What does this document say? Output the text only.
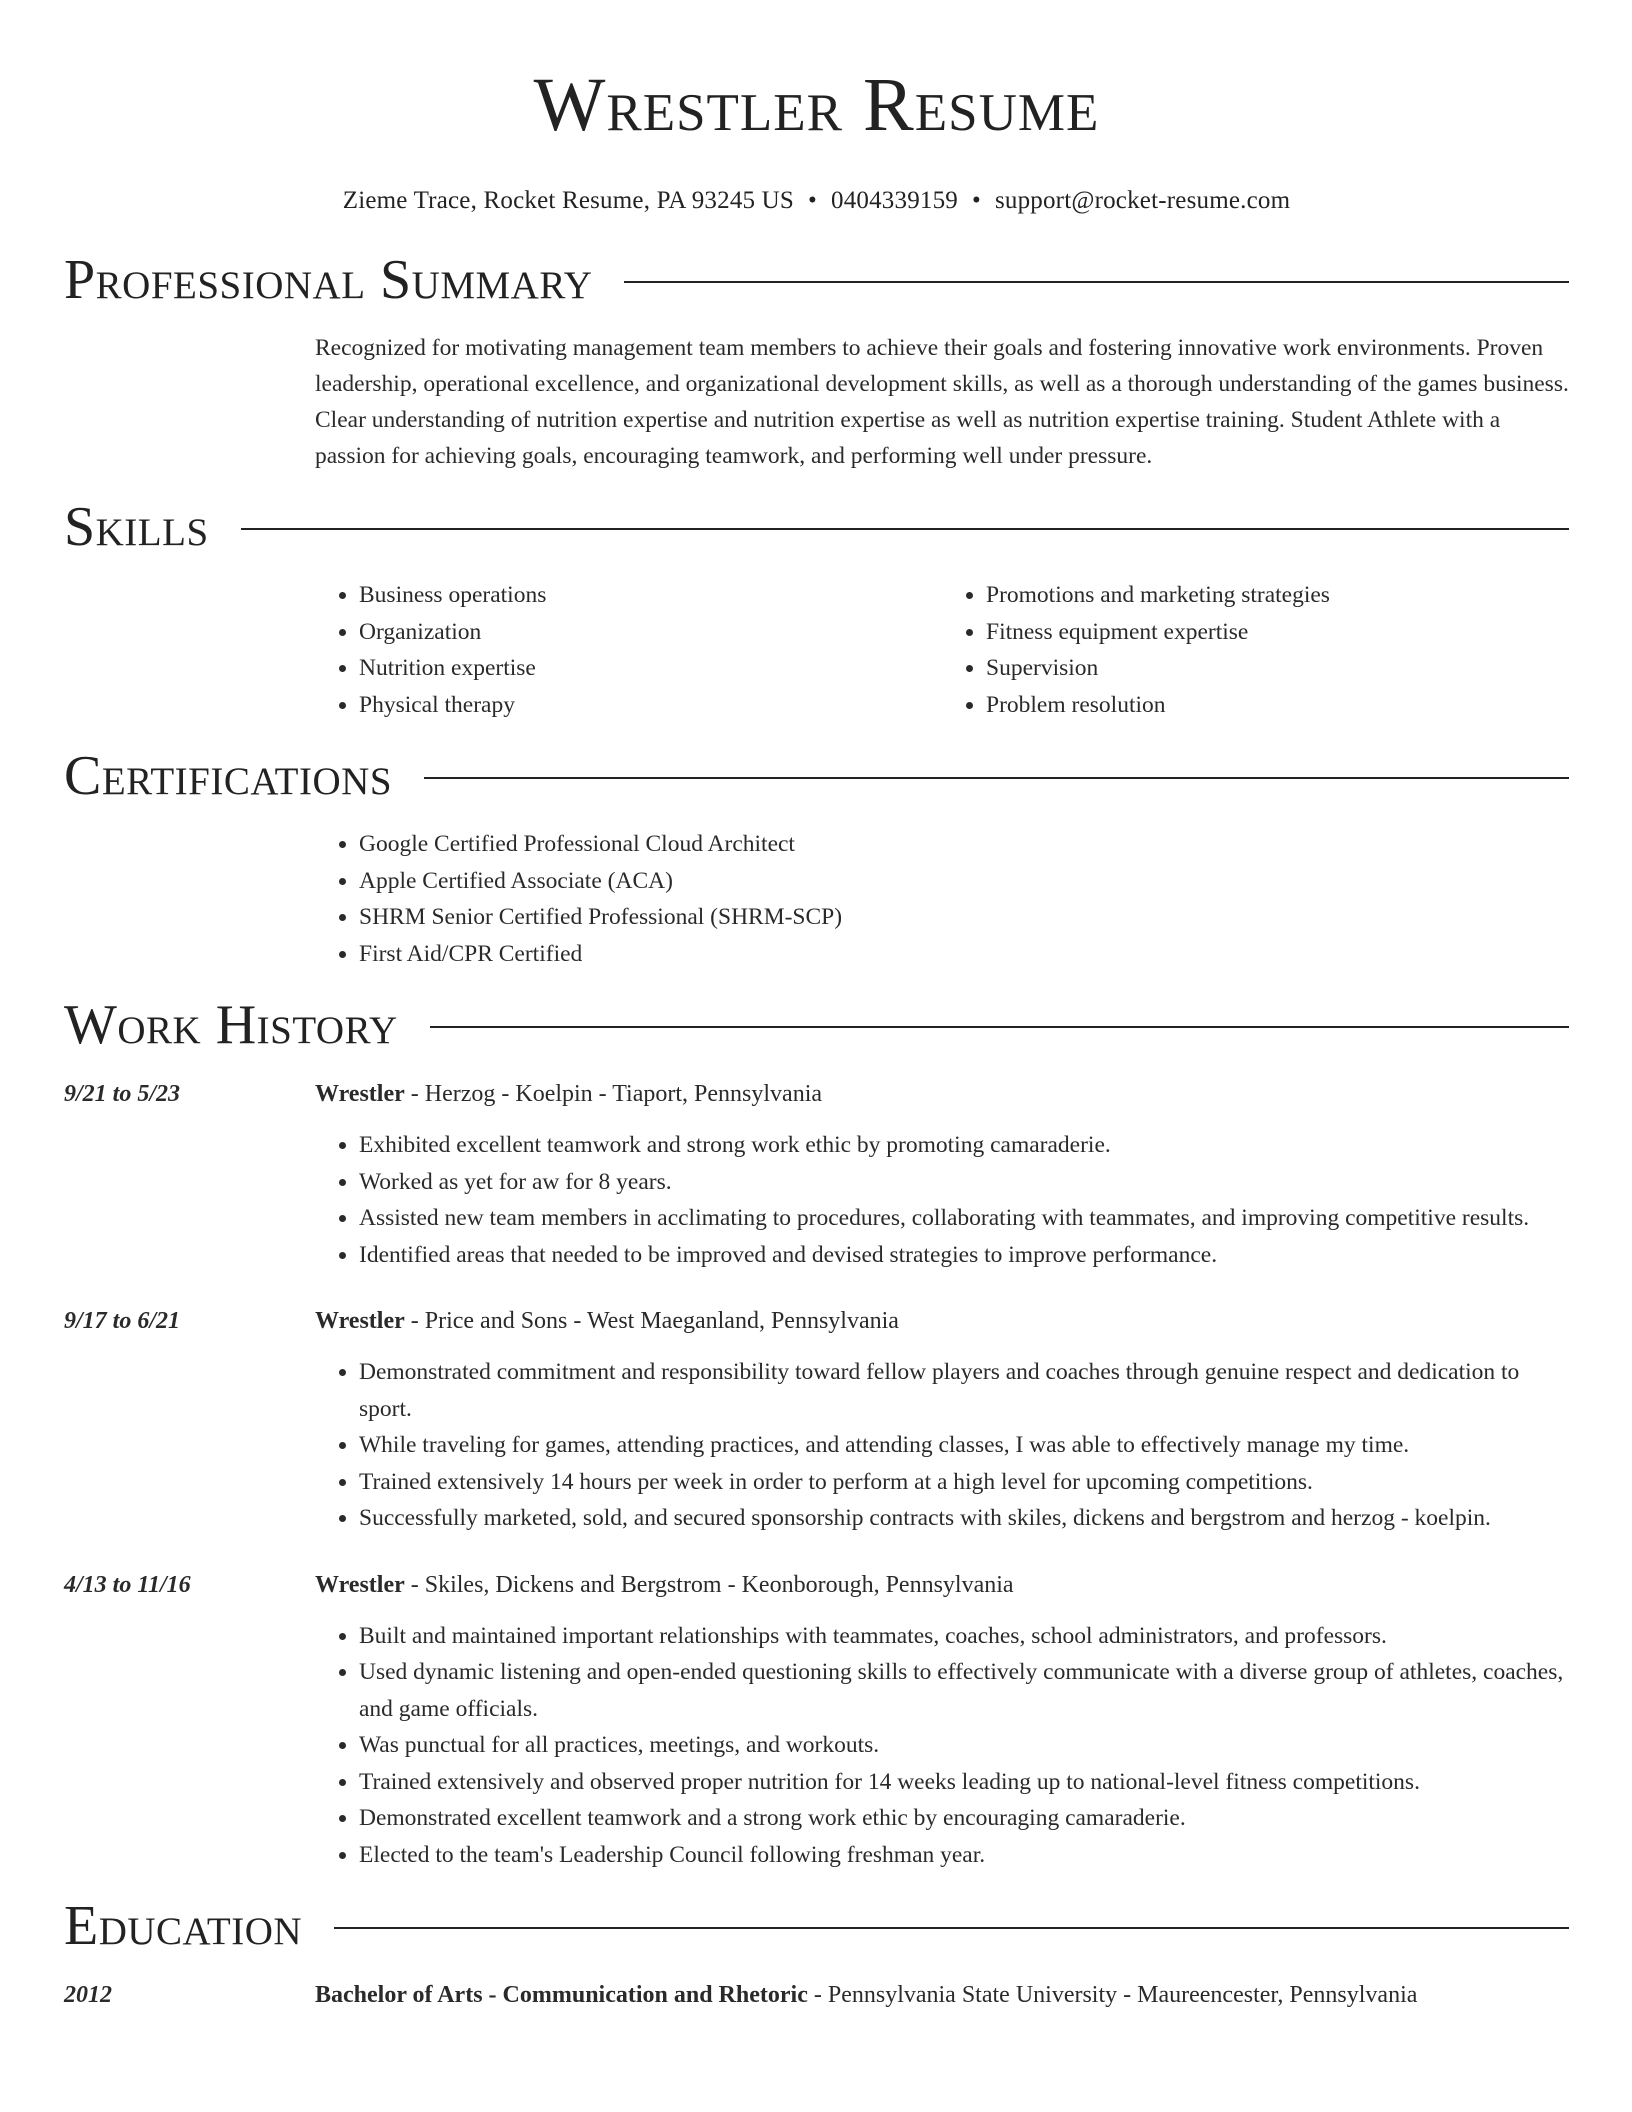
Wrestler Resume
Zieme Trace, Rocket Resume, PA 93245 US • 0404339159 • support@rocket-resume.com
Professional Summary

Recognized for motivating management team members to achieve their goals and fostering innovative work environments. Proven leadership, operational excellence, and organizational development skills, as well as a thorough understanding of the games business. Clear understanding of nutrition expertise and nutrition expertise as well as nutrition expertise training. Student Athlete with a passion for achieving goals, encouraging teamwork, and performing well under pressure.

Skills
• Business operations
• Organization
• Nutrition expertise
• Physical therapy
• Promotions and marketing strategies
• Fitness equipment expertise
• Supervision
• Problem resolution
Certifications
• Google Certified Professional Cloud Architect
• Apple Certified Associate (ACA)
• SHRM Senior Certified Professional (SHRM-SCP)
• First Aid/CPR Certified
Work History
9/21 to 5/23	Wrestler - Herzog - Koelpin - Tiaport, Pennsylvania
• Exhibited excellent teamwork and strong work ethic by promoting camaraderie.
• Worked as yet for aw for 8 years.
• Assisted new team members in acclimating to procedures, collaborating with teammates, and improving competitive results.
• Identified areas that needed to be improved and devised strategies to improve performance.
9/17 to 6/21	Wrestler - Price and Sons - West Maeganland, Pennsylvania
• Demonstrated commitment and responsibility toward fellow players and coaches through genuine respect and dedication to sport.
• While traveling for games, attending practices, and attending classes, I was able to effectively manage my time.
• Trained extensively 14 hours per week in order to perform at a high level for upcoming competitions.
• Successfully marketed, sold, and secured sponsorship contracts with skiles, dickens and bergstrom and herzog - koelpin.
4/13 to 11/16	Wrestler - Skiles, Dickens and Bergstrom - Keonborough, Pennsylvania
• Built and maintained important relationships with teammates, coaches, school administrators, and professors.
• Used dynamic listening and open-ended questioning skills to effectively communicate with a diverse group of athletes, coaches, and game officials.
• Was punctual for all practices, meetings, and workouts.
• Trained extensively and observed proper nutrition for 14 weeks leading up to national-level fitness competitions.
• Demonstrated excellent teamwork and a strong work ethic by encouraging camaraderie.
• Elected to the team's Leadership Council following freshman year.
Education
2012	Bachelor of Arts - Communication and Rhetoric - Pennsylvania State University - Maureencester, Pennsylvania
